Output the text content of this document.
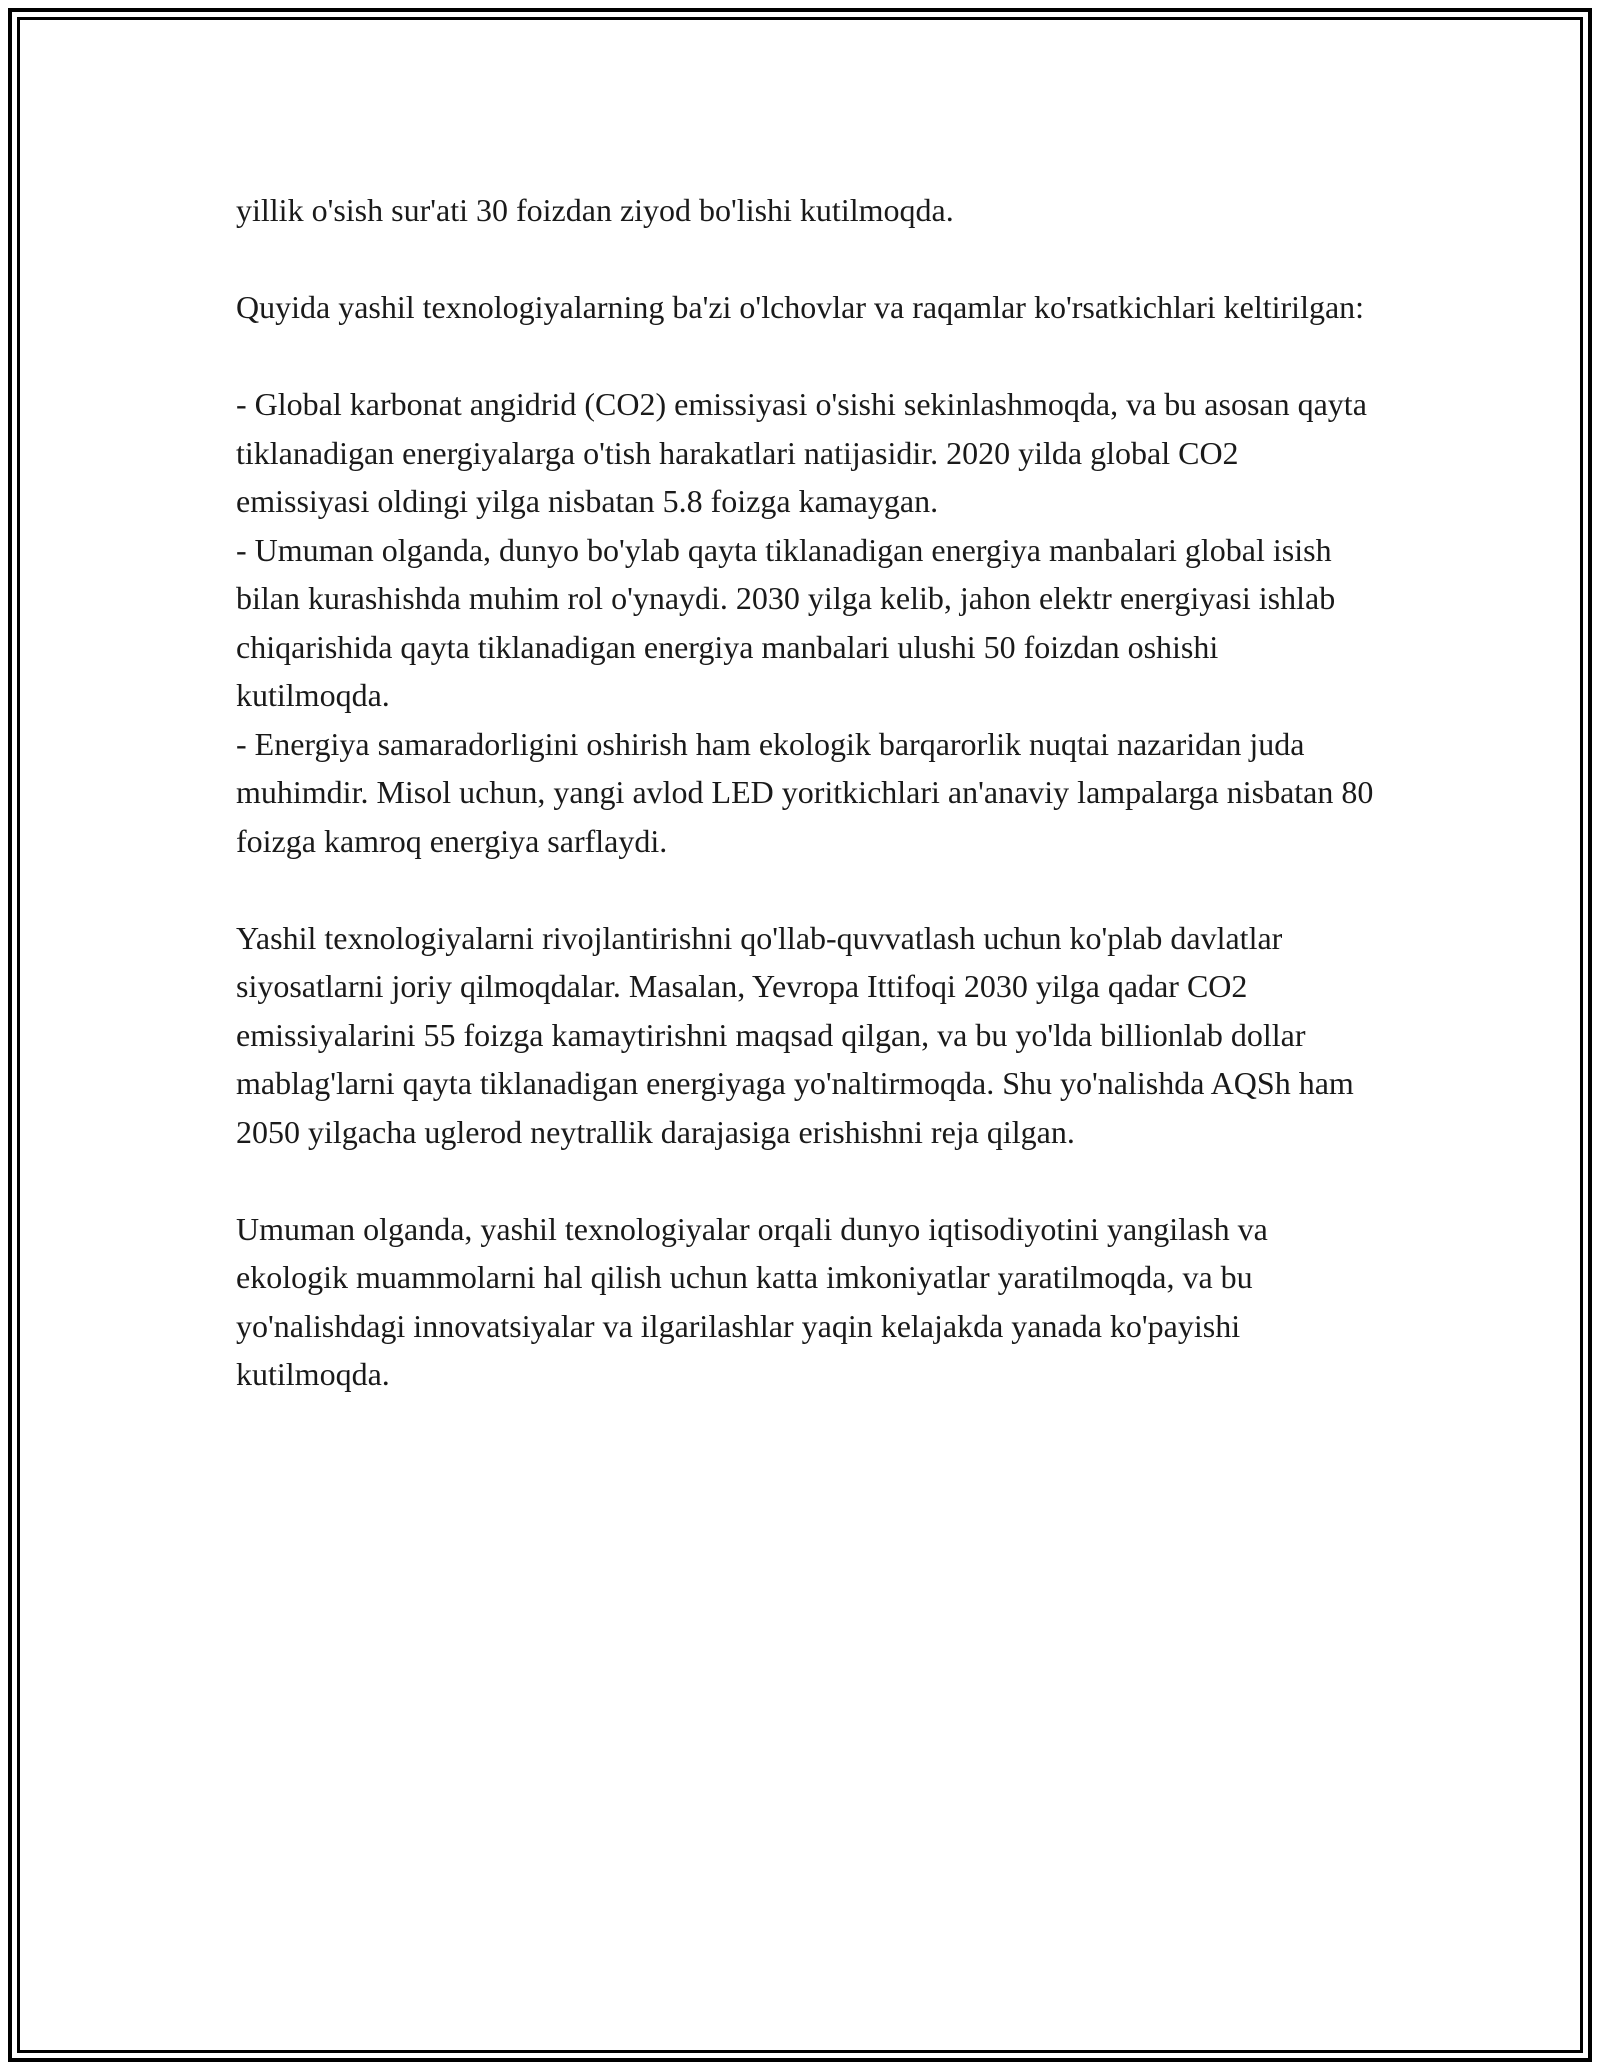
yillik o'sish sur'ati 30 foizdan ziyod bo'lishi kutilmoqda.

Quyida yashil texnologiyalarning ba'zi o'lchovlar va raqamlar ko'rsatkichlari keltirilgan:

- Global karbonat angidrid (CO2) emissiyasi o'sishi sekinlashmoqda, va bu asosan qayta tiklanadigan energiyalarga o'tish harakatlari natijasidir. 2020 yilda global CO2 emissiyasi oldingi yilga nisbatan 5.8 foizga kamaygan.

- Umuman olganda, dunyo bo'ylab qayta tiklanadigan energiya manbalari global isish bilan kurashishda muhim rol o'ynaydi. 2030 yilga kelib, jahon elektr energiyasi ishlab chiqarishida qayta tiklanadigan energiya manbalari ulushi 50 foizdan oshishi kutilmoqda.

- Energiya samaradorligini oshirish ham ekologik barqarorlik nuqtai nazaridan juda muhimdir. Misol uchun, yangi avlod LED yoritkichlari an'anaviy lampalarga nisbatan 80 foizga kamroq energiya sarflaydi.

Yashil texnologiyalarni rivojlantirishni qo'llab-quvvatlash uchun ko'plab davlatlar siyosatlarni joriy qilmoqdalar. Masalan, Yevropa Ittifoqi 2030 yilga qadar CO2 emissiyalarini 55 foizga kamaytirishni maqsad qilgan, va bu yo'lda billionlab dollar mablag'larni qayta tiklanadigan energiyaga yo'naltirmoqda. Shu yo'nalishda AQSh ham 2050 yilgacha uglerod neytrallik darajasiga erishishni reja qilgan.

Umuman olganda, yashil texnologiyalar orqali dunyo iqtisodiyotini yangilash va ekologik muammolarni hal qilish uchun katta imkoniyatlar yaratilmoqda, va bu yo'nalishdagi innovatsiyalar va ilgarilashlar yaqin kelajakda yanada ko'payishi kutilmoqda.
